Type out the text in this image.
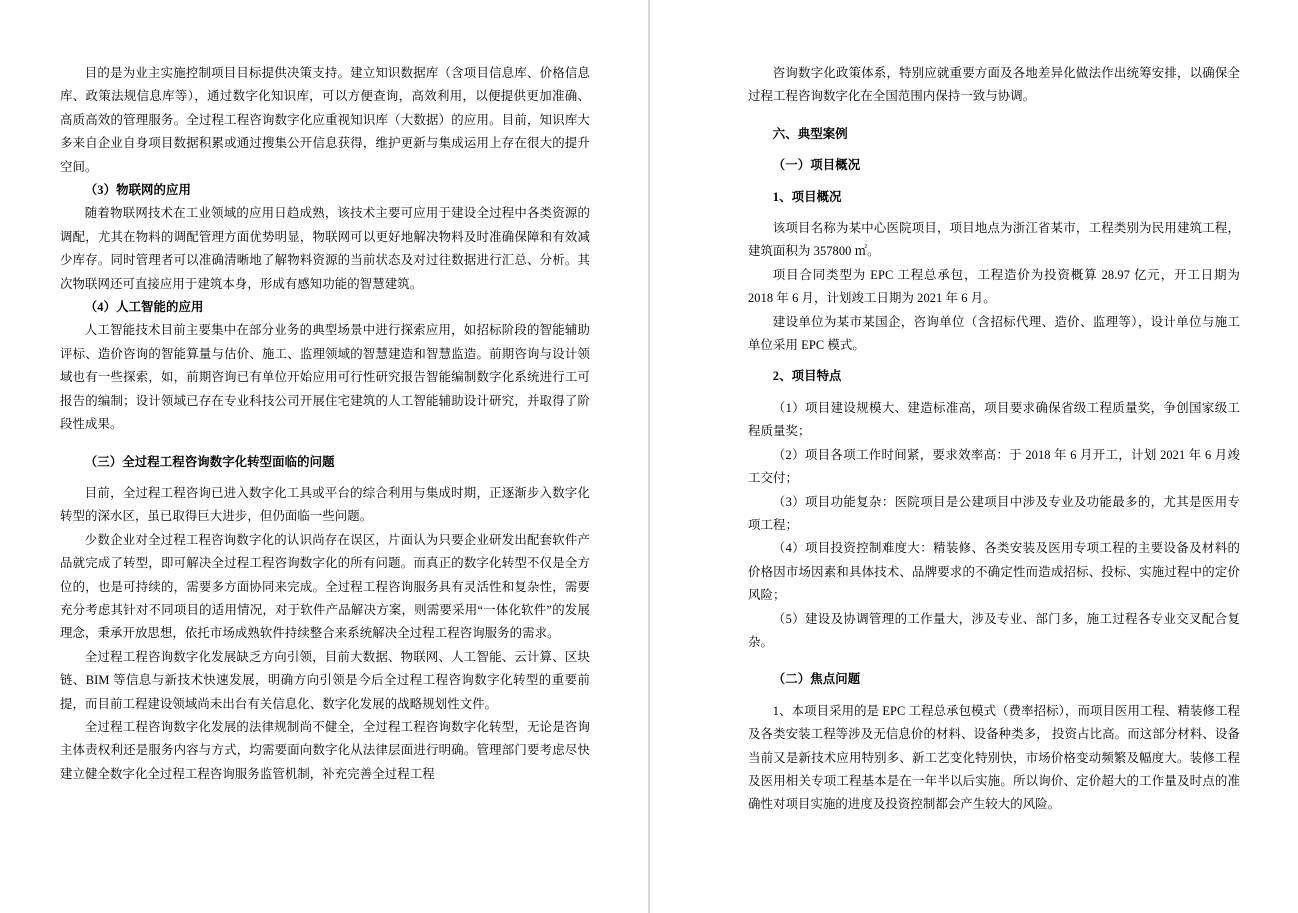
目的是为业主实施控制项目目标提供决策支持。建立知识数据库（含项目信息库、价格信息库、政策法规信息库等），通过数字化知识库，可以方便查询，高效利用，以便提供更加准确、高质高效的管理服务。全过程工程咨询数字化应重视知识库（大数据）的应用。目前，知识库大多来自企业自身项目数据积累或通过搜集公开信息获得，维护更新与集成运用上存在很大的提升空间。

（3）物联网的应用

随着物联网技术在工业领域的应用日趋成熟，该技术主要可应用于建设全过程中各类资源的调配，尤其在物料的调配管理方面优势明显，物联网可以更好地解决物料及时准确保障和有效减少库存。同时管理者可以准确清晰地了解物料资源的当前状态及对过往数据进行汇总、分析。其次物联网还可直接应用于建筑本身，形成有感知功能的智慧建筑。

（4）人工智能的应用

人工智能技术目前主要集中在部分业务的典型场景中进行探索应用，如招标阶段的智能辅助评标、造价咨询的智能算量与估价、施工、监理领域的智慧建造和智慧监造。前期咨询与设计领域也有一些探索，如，前期咨询已有单位开始应用可行性研究报告智能编制数字化系统进行工可报告的编制；设计领域已存在专业科技公司开展住宅建筑的人工智能辅助设计研究，并取得了阶段性成果。

（三）全过程工程咨询数字化转型面临的问题

目前，全过程工程咨询已进入数字化工具或平台的综合利用与集成时期，正逐渐步入数字化转型的深水区，虽已取得巨大进步，但仍面临一些问题。

少数企业对全过程工程咨询数字化的认识尚存在误区，片面认为只要企业研发出配套软件产品就完成了转型，即可解决全过程工程咨询数字化的所有问题。而真正的数字化转型不仅是全方位的，也是可持续的，需要多方面协同来完成。全过程工程咨询服务具有灵活性和复杂性，需要充分考虑其针对不同项目的适用情况，对于软件产品解决方案，则需要采用“一体化软件”的发展理念，秉承开放思想，依托市场成熟软件持续整合来系统解决全过程工程咨询服务的需求。

全过程工程咨询数字化发展缺乏方向引领，目前大数据、物联网、人工智能、云计算、区块链、BIM 等信息与新技术快速发展，明确方向引领是今后全过程工程咨询数字化转型的重要前提，而目前工程建设领域尚未出台有关信息化、数字化发展的战略规划性文件。

全过程工程咨询数字化发展的法律规制尚不健全，全过程工程咨询数字化转型，无论是咨询主体责权利还是服务内容与方式，均需要面向数字化从法律层面进行明确。管理部门要考虑尽快建立健全数字化全过程工程咨询服务监管机制，补充完善全过程工程

咨询数字化政策体系，特别应就重要方面及各地差异化做法作出统筹安排，以确保全过程工程咨询数字化在全国范围内保持一致与协调。

六、典型案例

（一）项目概况

1、项目概况

该项目名称为某中心医院项目，项目地点为浙江省某市，工程类别为民用建筑工程，建筑面积为 357800 ㎡。

项目合同类型为 EPC 工程总承包，工程造价为投资概算 28.97 亿元，开工日期为 2018 年 6 月，计划竣工日期为 2021 年 6 月。

建设单位为某市某国企，咨询单位（含招标代理、造价、监理等），设计单位与施工单位采用 EPC 模式。

2、项目特点

（1）项目建设规模大、建造标准高，项目要求确保省级工程质量奖，争创国家级工程质量奖；

（2）项目各项工作时间紧，要求效率高：于 2018 年 6 月开工，计划 2021 年 6 月竣工交付；

（3）项目功能复杂：医院项目是公建项目中涉及专业及功能最多的，尤其是医用专项工程；

（4）项目投资控制难度大：精装修、各类安装及医用专项工程的主要设备及材料的价格因市场因素和具体技术、品牌要求的不确定性而造成招标、投标、实施过程中的定价风险；

（5）建设及协调管理的工作量大，涉及专业、部门多，施工过程各专业交叉配合复杂。

（二）焦点问题

1、本项目采用的是 EPC 工程总承包模式（费率招标），而项目医用工程、精装修工程及各类安装工程等涉及无信息价的材料、设备种类多， 投资占比高。而这部分材料、设备当前又是新技术应用特别多、新工艺变化特别快，市场价格变动频繁及幅度大。装修工程及医用相关专项工程基本是在一年半以后实施。所以询价、定价超大的工作量及时点的准确性对项目实施的进度及投资控制都会产生较大的风险。
